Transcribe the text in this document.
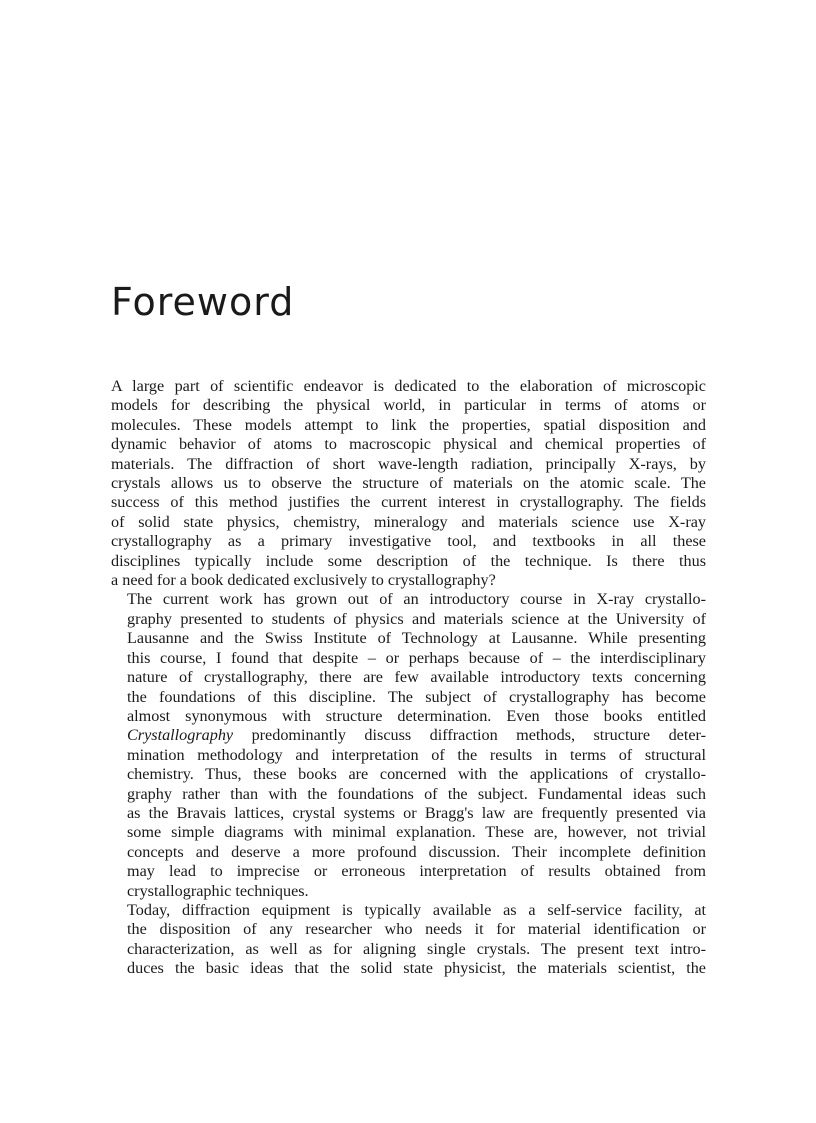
Foreword

A large part of scientific endeavor is dedicated to the elaboration of microscopic
models for describing the physical world, in particular in terms of atoms or
molecules. These models attempt to link the properties, spatial disposition and
dynamic behavior of atoms to macroscopic physical and chemical properties of
materials. The diffraction of short wave-length radiation, principally X-rays, by
crystals allows us to observe the structure of materials on the atomic scale. The
success of this method justifies the current interest in crystallography. The fields
of solid state physics, chemistry, mineralogy and materials science use X-ray
crystallography as a primary investigative tool, and textbooks in all these
disciplines typically include some description of the technique. Is there thus
a need for a book dedicated exclusively to crystallography?

The current work has grown out of an introductory course in X-ray crystallo-
graphy presented to students of physics and materials science at the University of
Lausanne and the Swiss Institute of Technology at Lausanne. While presenting
this course, I found that despite – or perhaps because of – the interdisciplinary
nature of crystallography, there are few available introductory texts concerning
the foundations of this discipline. The subject of crystallography has become
almost synonymous with structure determination. Even those books entitled
Crystallography predominantly discuss diffraction methods, structure deter-
mination methodology and interpretation of the results in terms of structural
chemistry. Thus, these books are concerned with the applications of crystallo-
graphy rather than with the foundations of the subject. Fundamental ideas such
as the Bravais lattices, crystal systems or Bragg's law are frequently presented via
some simple diagrams with minimal explanation. These are, however, not trivial
concepts and deserve a more profound discussion. Their incomplete definition
may lead to imprecise or erroneous interpretation of results obtained from
crystallographic techniques.

Today, diffraction equipment is typically available as a self-service facility, at
the disposition of any researcher who needs it for material identification or
characterization, as well as for aligning single crystals. The present text intro-
duces the basic ideas that the solid state physicist, the materials scientist, the
